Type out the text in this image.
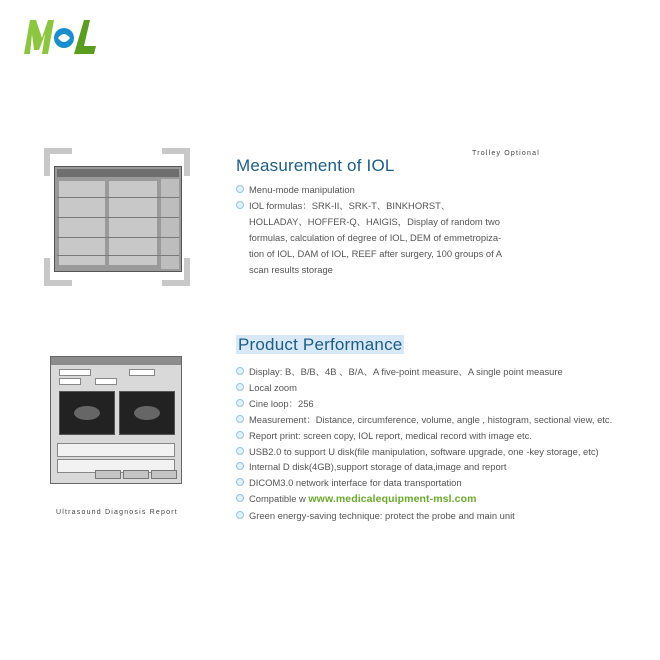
Trolley Optional
Measurement of IOL
Menu-mode manipulation
IOL formulas：SRK-II、SRK-T、BINKHORST、
HOLLADAY、HOFFER-Q、HAIGIS，Display of random two
formulas, calculation of degree of IOL, DEM of emmetropiza-
tion of IOL, DAM of IOL, REEF after surgery, 100 groups of A
scan results storage
Product Performance
Display: B、B/B、4B 、B/A、A five-point measure、A single point measure
Local zoom
Cine loop：256
Measurement：Distance, circumference, volume, angle , histogram, sectional view, etc.
Report print: screen copy, IOL report, medical record with image etc.
USB2.0 to support U disk(file manipulation, software upgrade, one -key storage, etc)
Internal D disk(4GB),support storage of data,image and report
DICOM3.0 network interface for data transportation
Compatible w www.medicalequipment-msl.com
Green energy-saving technique: protect the probe and main unit
Ultrasound Diagnosis Report
